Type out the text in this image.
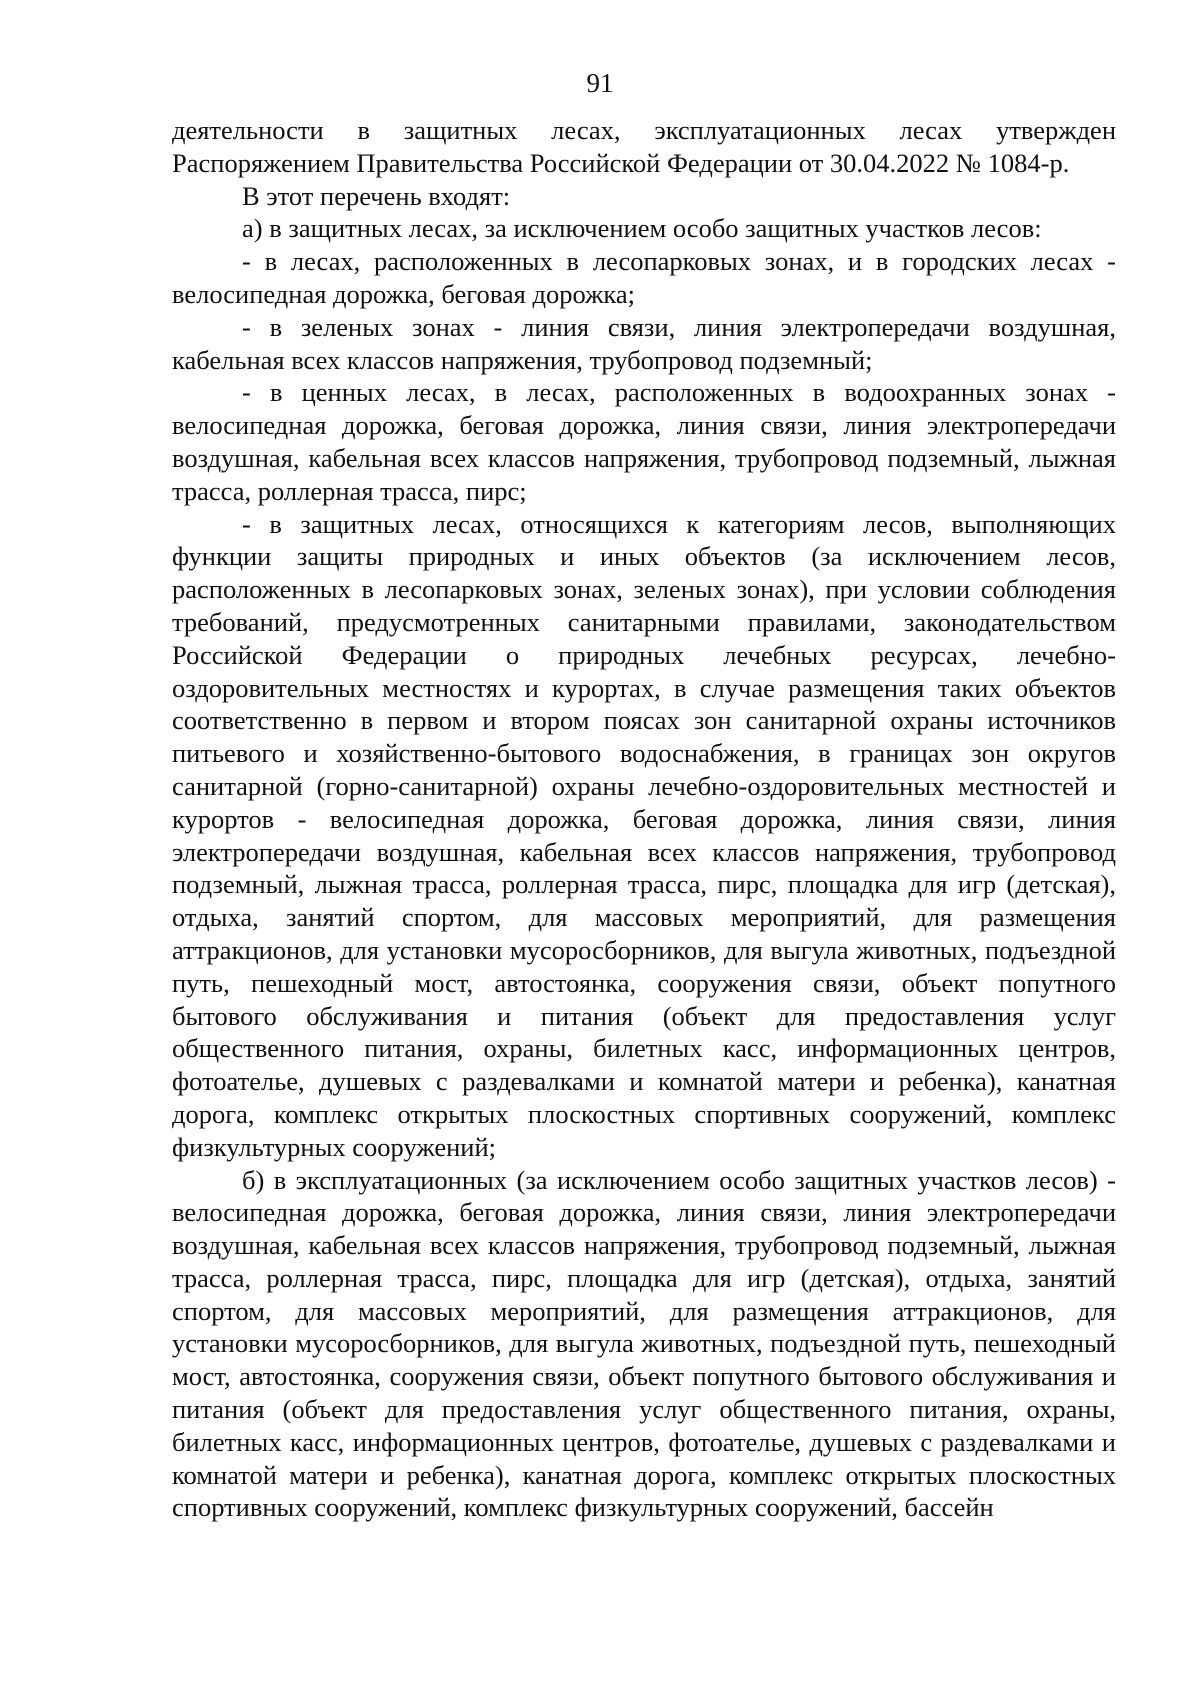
91

деятельности в защитных лесах, эксплуатационных лесах утвержден Распоряжением Правительства Российской Федерации от 30.04.2022 № 1084-р.

В этот перечень входят:

а) в защитных лесах, за исключением особо защитных участков лесов:

- в лесах, расположенных в лесопарковых зонах, и в городских лесах - велосипедная дорожка, беговая дорожка;

- в зеленых зонах - линия связи, линия электропередачи воздушная, кабельная всех классов напряжения, трубопровод подземный;

- в ценных лесах, в лесах, расположенных в водоохранных зонах - велосипедная дорожка, беговая дорожка, линия связи, линия электропередачи воздушная, кабельная всех классов напряжения, трубопровод подземный, лыжная трасса, роллерная трасса, пирс;

- в защитных лесах, относящихся к категориям лесов, выполняющих функции защиты природных и иных объектов (за исключением лесов, расположенных в лесопарковых зонах, зеленых зонах), при условии соблюдения требований, предусмотренных санитарными правилами, законодательством Российской Федерации о природных лечебных ресурсах, лечебно-оздоровительных местностях и курортах, в случае размещения таких объектов соответственно в первом и втором поясах зон санитарной охраны источников питьевого и хозяйственно-бытового водоснабжения, в границах зон округов санитарной (горно-санитарной) охраны лечебно-оздоровительных местностей и курортов - велосипедная дорожка, беговая дорожка, линия связи, линия электропередачи воздушная, кабельная всех классов напряжения, трубопровод подземный, лыжная трасса, роллерная трасса, пирс, площадка для игр (детская), отдыха, занятий спортом, для массовых мероприятий, для размещения аттракционов, для установки мусоросборников, для выгула животных, подъездной путь, пешеходный мост, автостоянка, сооружения связи, объект попутного бытового обслуживания и питания (объект для предоставления услуг общественного питания, охраны, билетных касс, информационных центров, фотоателье, душевых с раздевалками и комнатой матери и ребенка), канатная дорога, комплекс открытых плоскостных спортивных сооружений, комплекс физкультурных сооружений;

б) в эксплуатационных (за исключением особо защитных участков лесов) - велосипедная дорожка, беговая дорожка, линия связи, линия электропередачи воздушная, кабельная всех классов напряжения, трубопровод подземный, лыжная трасса, роллерная трасса, пирс, площадка для игр (детская), отдыха, занятий спортом, для массовых мероприятий, для размещения аттракционов, для установки мусоросборников, для выгула животных, подъездной путь, пешеходный мост, автостоянка, сооружения связи, объект попутного бытового обслуживания и питания (объект для предоставления услуг общественного питания, охраны, билетных касс, информационных центров, фотоателье, душевых с раздевалками и комнатой матери и ребенка), канатная дорога, комплекс открытых плоскостных спортивных сооружений, комплекс физкультурных сооружений, бассейн
